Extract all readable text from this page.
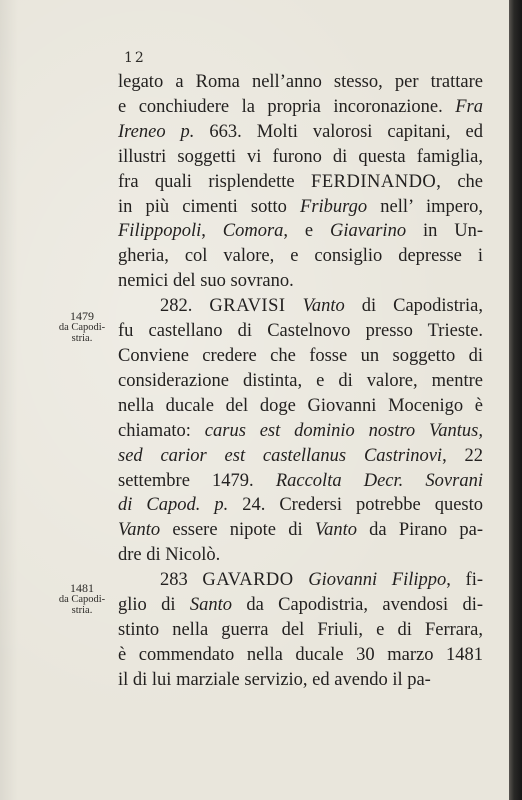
12
1479
da Capodi-
stria.
1481
da Capodi-
stria.
legato a Roma nell’anno stesso, per trattare
e conchiudere la propria incoronazione. Fra
Ireneo p. 663. Molti valorosi capitani, ed
illustri soggetti vi furono di questa famiglia,
fra quali risplendette FERDINANDO, che
in più cimenti sotto Friburgo nell’ impero,
Filippopoli, Comora, e Giavarino in Un-
gheria, col valore, e consiglio depresse i
nemici del suo sovrano.
282. GRAVISI Vanto di Capodistria,
fu castellano di Castelnovo presso Trieste.
Conviene credere che fosse un soggetto di
considerazione distinta, e di valore, mentre
nella ducale del doge Giovanni Mocenigo è
chiamato: carus est dominio nostro Vantus,
sed carior est castellanus Castrinovi, 22
settembre 1479. Raccolta Decr. Sovrani
di Capod. p. 24. Credersi potrebbe questo
Vanto essere nipote di Vanto da Pirano pa-
dre di Nicolò.
283 GAVARDO Giovanni Filippo, fi-
glio di Santo da Capodistria, avendosi di-
stinto nella guerra del Friuli, e di Ferrara,
è commendato nella ducale 30 marzo 1481
il di lui marziale servizio, ed avendo il pa-
